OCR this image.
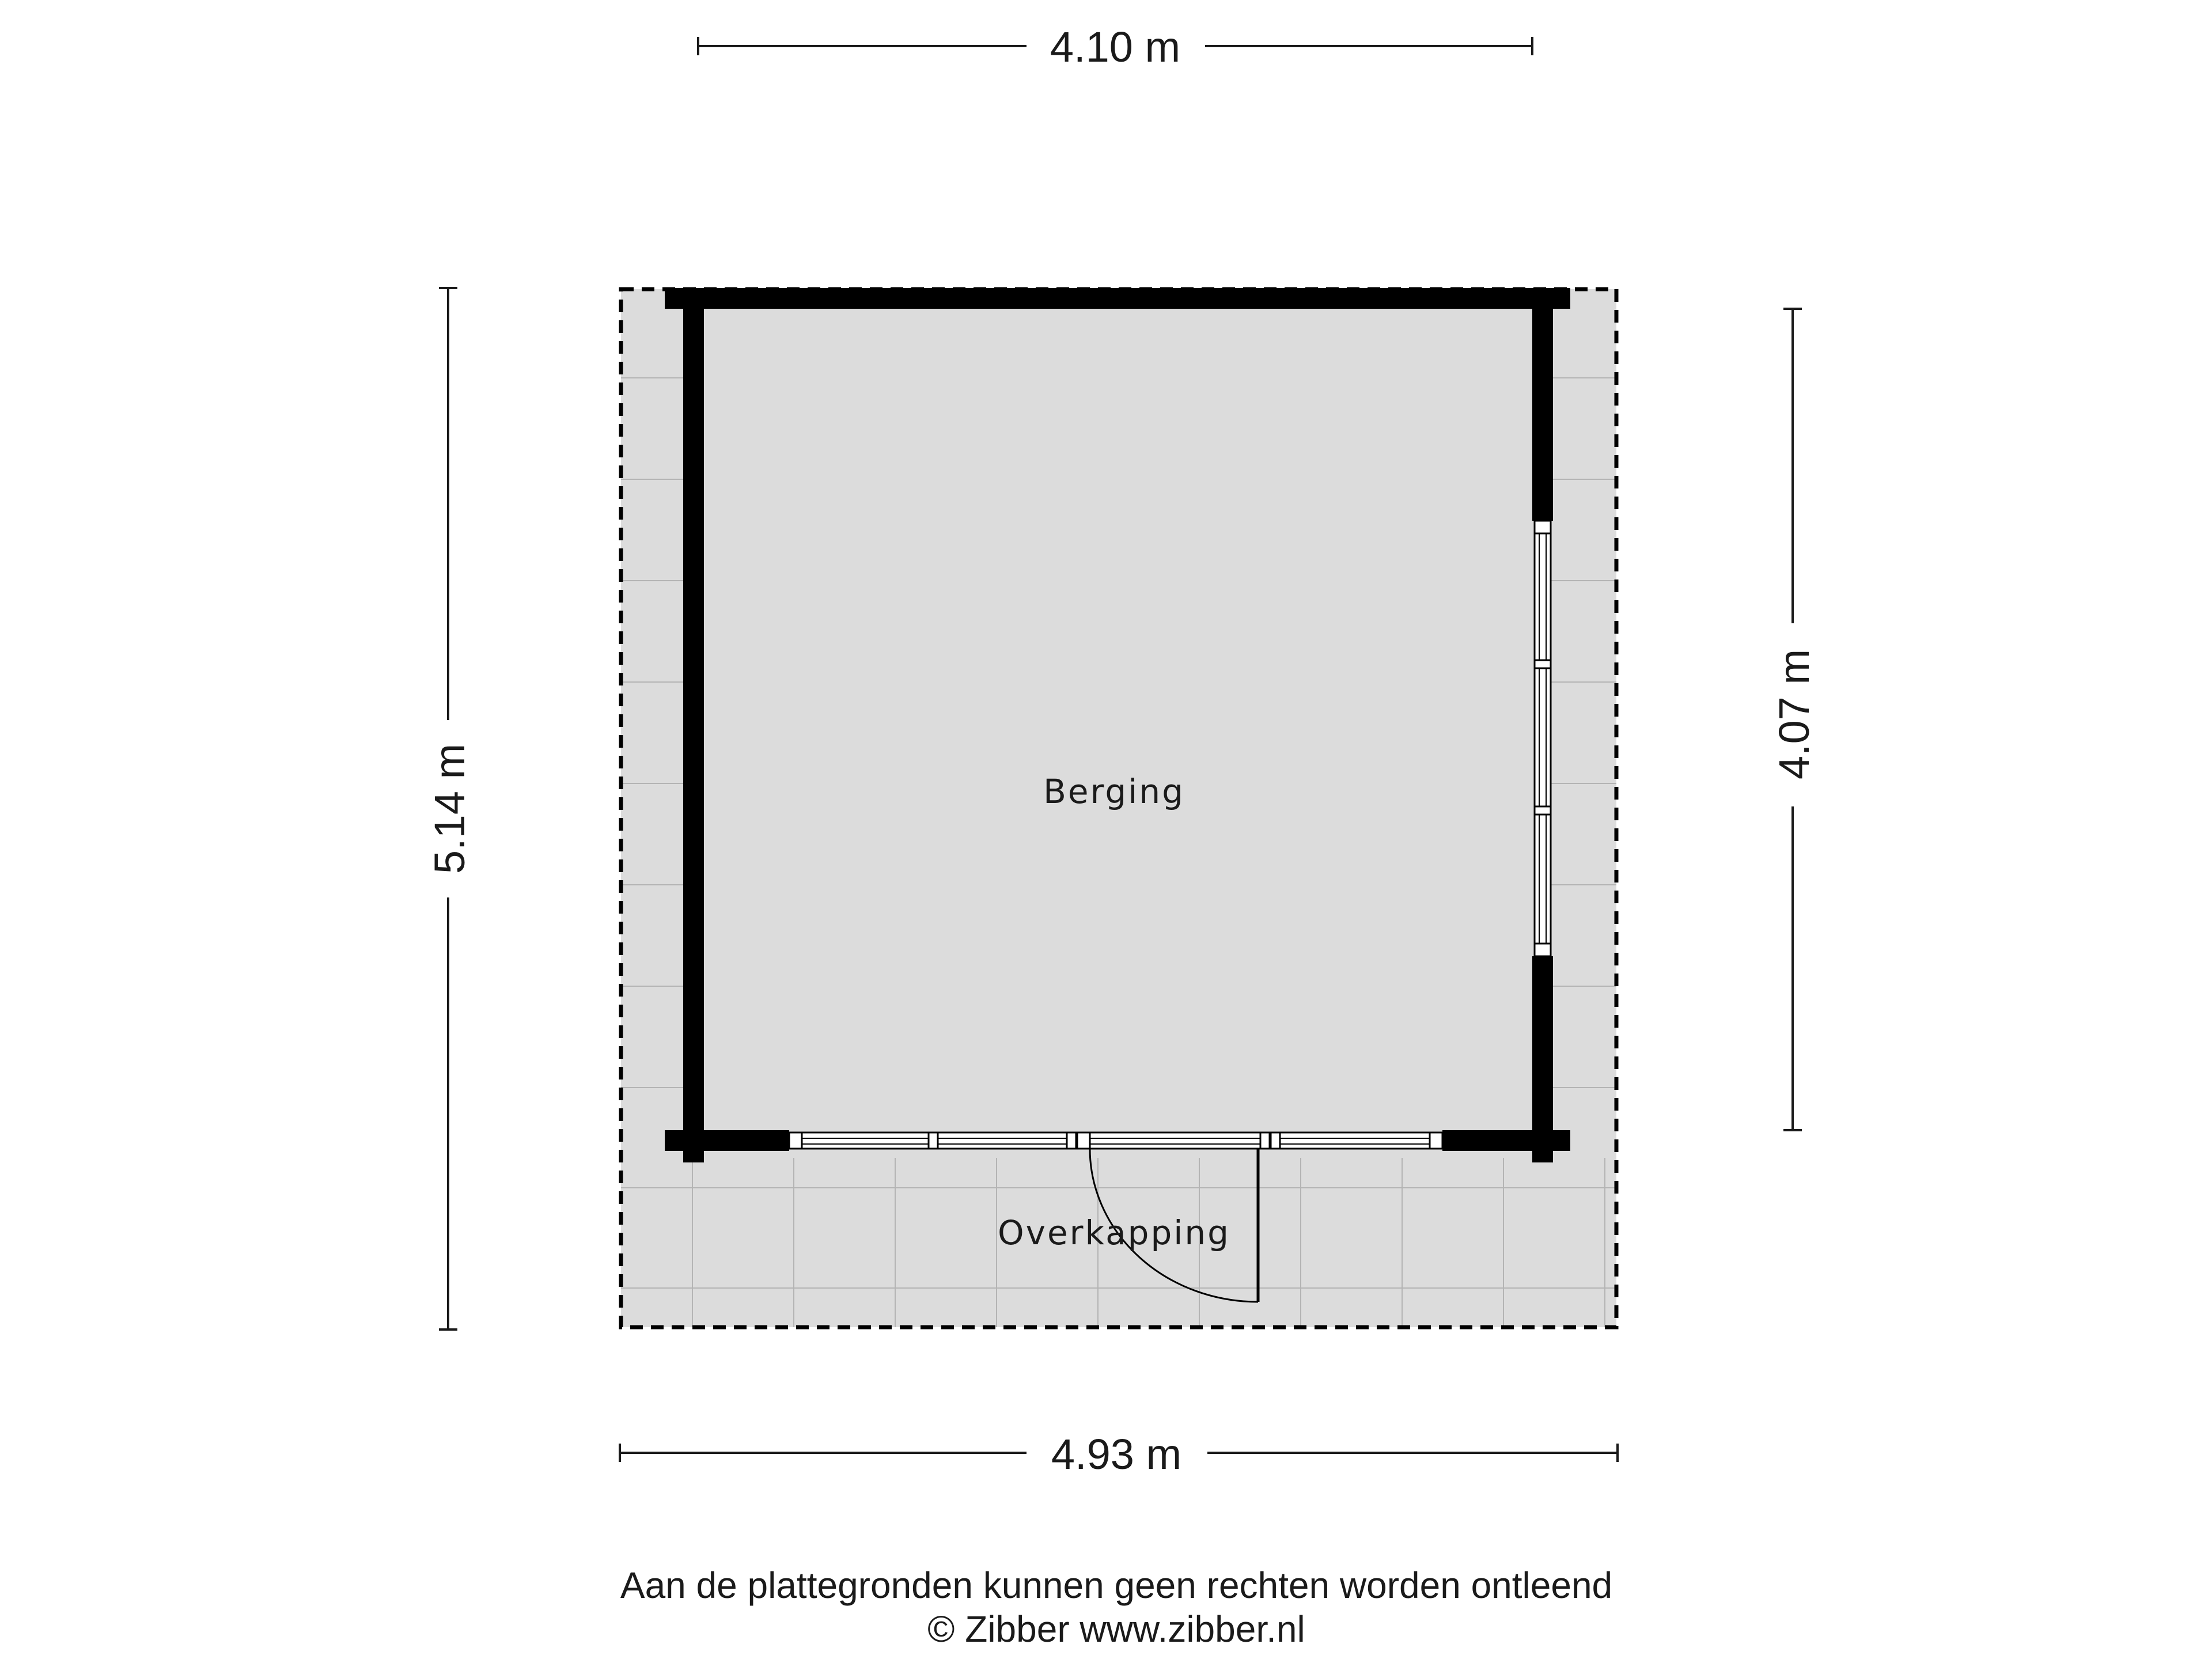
4.10 m
5.14 m
4.07 m
4.93 m
Berging
Overkapping
Aan de plattegronden kunnen geen rechten worden ontleend
© Zibber www.zibber.nl
